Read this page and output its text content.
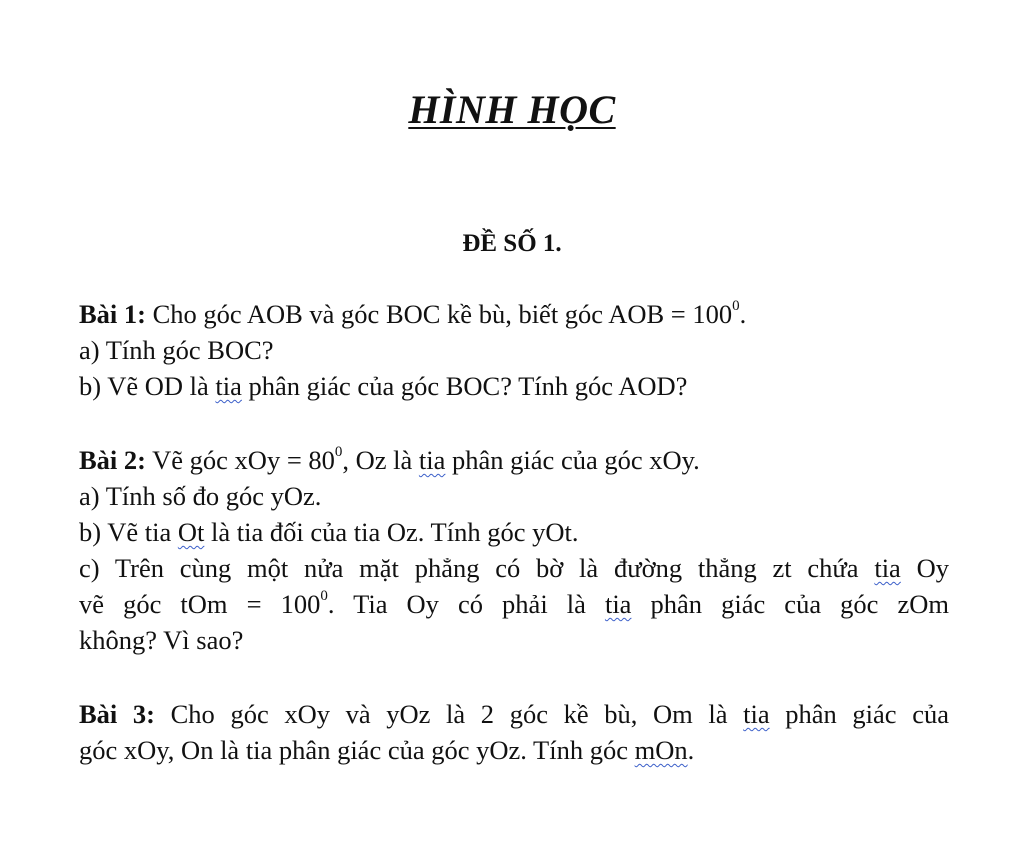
HÌNH HỌC
ĐỀ SỐ 1.
Bài 1: Cho góc AOB và góc BOC kề bù, biết góc AOB = $100^0$.
a) Tính góc BOC?
b) Vẽ OD là tia phân giác của góc BOC? Tính góc AOD?
Bài 2: Vẽ góc xOy = $80^0$, Oz là tia phân giác của góc xOy.
a) Tính số đo góc yOz.
b) Vẽ tia Ot là tia đối của tia Oz. Tính góc yOt.
c) Trên cùng một nửa mặt phẳng có bờ là đường thẳng zt chứa tia Oy
vẽ góc tOm = $100^0$. Tia Oy có phải là tia phân giác của góc zOm
không? Vì sao?
Bài 3: Cho góc xOy và yOz là 2 góc kề bù, Om là tia phân giác của
góc xOy, On là tia phân giác của góc yOz. Tính góc mOn.
